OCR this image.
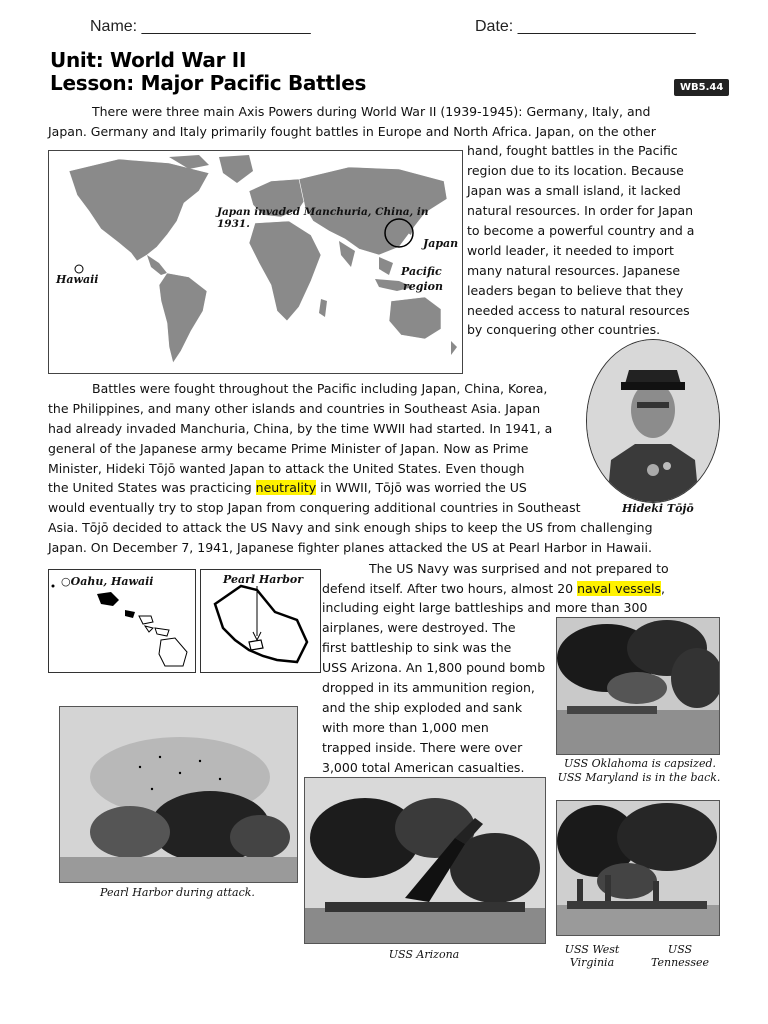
Name: ___________________	Date: ____________________
Unit: World War II
Lesson: Major Pacific Battles	WB5.44
There were three main Axis Powers during World War II (1939-1945): Germany, Italy, and
Japan. Germany and Italy primarily fought battles in Europe and North Africa. Japan, on the other
hand, fought battles in the Pacific
region due to its location. Because
Japan was a small island, it lacked
natural resources. In order for Japan
to become a powerful country and a
world leader, it needed to import
many natural resources. Japanese
leaders began to believe that they
needed access to natural resources
by conquering other countries.
Japan invaded Manchuria, China, in 1931.
Japan
Hawaii
Pacific
region
Hideki Tōjō
Battles were fought throughout the Pacific including Japan, China, Korea,
the Philippines, and many other islands and countries in Southeast Asia. Japan
had already invaded Manchuria, China, by the time WWII had started. In 1941, a
general of the Japanese army became Prime Minister of Japan. Now as Prime
Minister, Hideki Tōjō wanted Japan to attack the United States. Even though
the United States was practicing neutrality in WWII, Tōjō was worried the US
would eventually try to stop Japan from conquering additional countries in Southeast
Asia. Tōjō decided to attack the US Navy and sink enough ships to keep the US from challenging
Japan. On December 7, 1941, Japanese fighter planes attacked the US at Pearl Harbor in Hawaii.
○Oahu, Hawaii	Pearl Harbor
The US Navy was surprised and not prepared to
defend itself. After two hours, almost 20 naval vessels,
including eight large battleships and more than 300
airplanes, were destroyed. The
first battleship to sink was the
USS Arizona. An 1,800 pound bomb
dropped in its ammunition region,
and the ship exploded and sank
with more than 1,000 men
trapped inside. There were over
3,000 total American casualties.	USS Oklahoma is capsized.
USS Maryland is in the back.
Pearl Harbor during attack.
USS Arizona	USS West
Virginia
USS
Tennessee
